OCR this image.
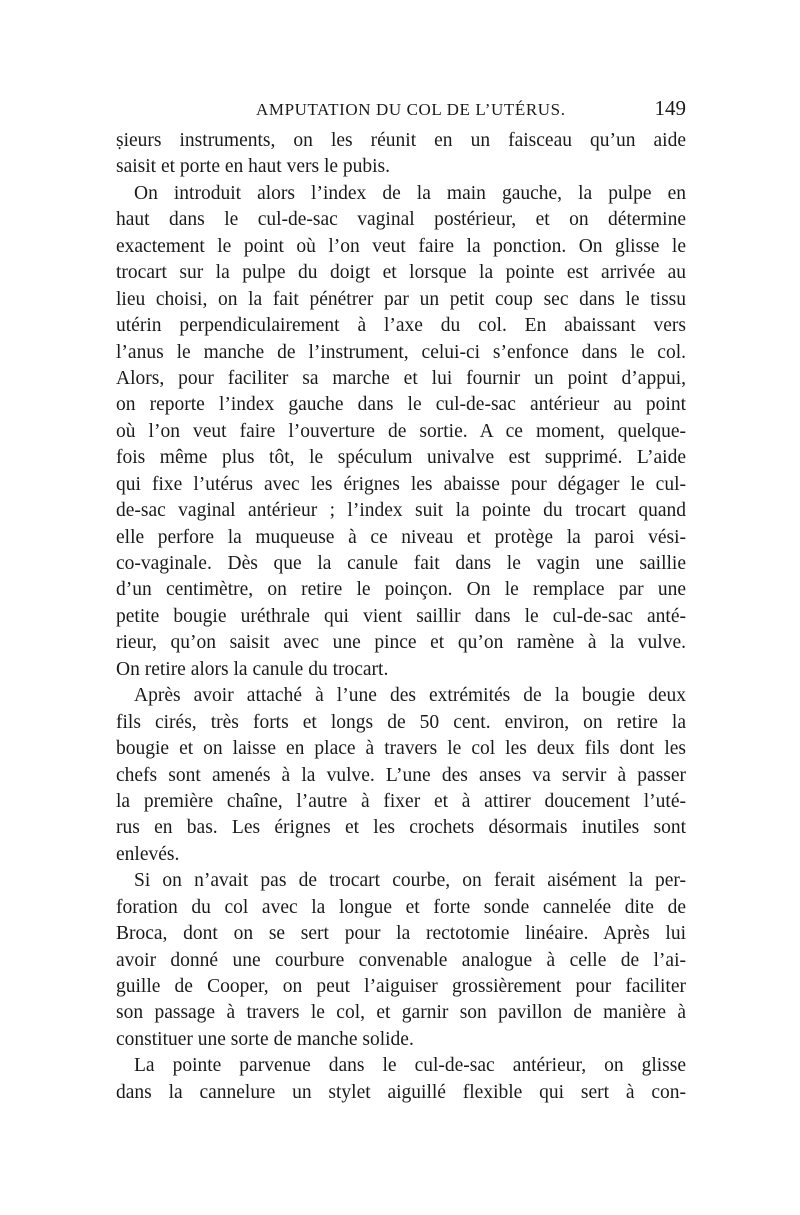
AMPUTATION DU COL DE L’UTÉRUS.	149
ṣieurs instruments, on les réunit en un faisceau qu’un aide
saisit et porte en haut vers le pubis.
On introduit alors l’index de la main gauche, la pulpe en
haut dans le cul-de-sac vaginal postérieur, et on détermine
exactement le point où l’on veut faire la ponction. On glisse le
trocart sur la pulpe du doigt et lorsque la pointe est arrivée au
lieu choisi, on la fait pénétrer par un petit coup sec dans le tissu
utérin perpendiculairement à l’axe du col. En abaissant vers
l’anus le manche de l’instrument, celui-ci s’enfonce dans le col.
Alors, pour faciliter sa marche et lui fournir un point d’appui,
on reporte l’index gauche dans le cul-de-sac antérieur au point
où l’on veut faire l’ouverture de sortie. A ce moment, quelque-
fois même plus tôt, le spéculum univalve est supprimé. L’aide
qui fixe l’utérus avec les érignes les abaisse pour dégager le cul-
de-sac vaginal antérieur ; l’index suit la pointe du trocart quand
elle perfore la muqueuse à ce niveau et protège la paroi vési-
co-vaginale. Dès que la canule fait dans le vagin une saillie
d’un centimètre, on retire le poinçon. On le remplace par une
petite bougie uréthrale qui vient saillir dans le cul-de-sac anté-
rieur, qu’on saisit avec une pince et qu’on ramène à la vulve.
On retire alors la canule du trocart.
Après avoir attaché à l’une des extrémités de la bougie deux
fils cirés, très forts et longs de 50 cent. environ, on retire la
bougie et on laisse en place à travers le col les deux fils dont les
chefs sont amenés à la vulve. L’une des anses va servir à passer
la première chaîne, l’autre à fixer et à attirer doucement l’uté-
rus en bas. Les érignes et les crochets désormais inutiles sont
enlevés.
Si on n’avait pas de trocart courbe, on ferait aisément la per-
foration du col avec la longue et forte sonde cannelée dite de
Broca, dont on se sert pour la rectotomie linéaire. Après lui
avoir donné une courbure convenable analogue à celle de l’ai-
guille de Cooper, on peut l’aiguiser grossièrement pour faciliter
son passage à travers le col, et garnir son pavillon de manière à
constituer une sorte de manche solide.
La pointe parvenue dans le cul-de-sac antérieur, on glisse
dans la cannelure un stylet aiguillé flexible qui sert à con-
